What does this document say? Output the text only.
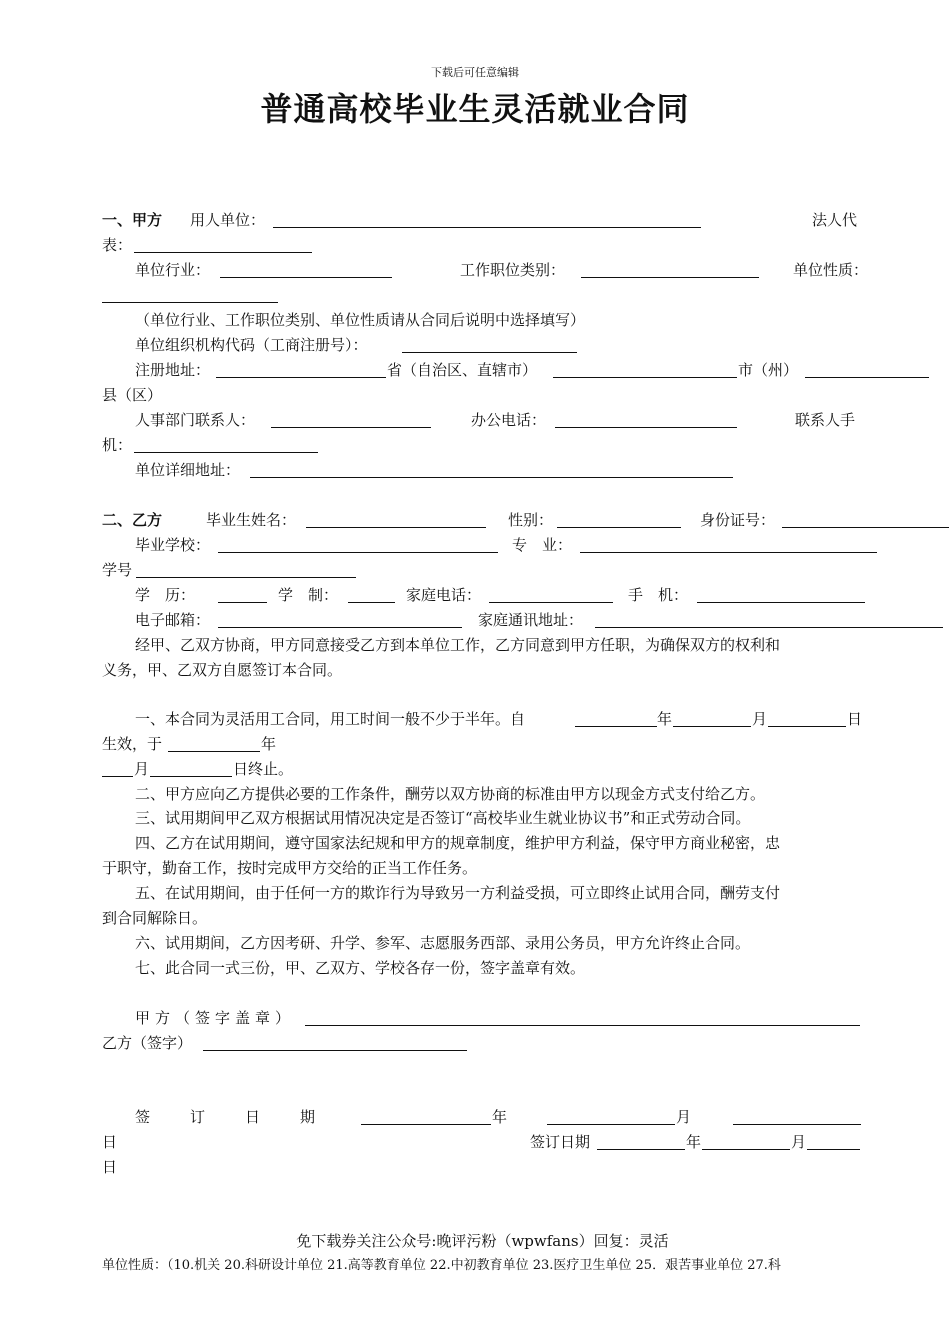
下载后可任意编辑
普通高校毕业生灵活就业合同
一、甲方 用人单位：	法人代
表：
单位行业：	工作职位类别：	单位性质：
（单位行业、工作职位类别、单位性质请从合同后说明中选择填写）
单位组织机构代码（工商注册号）：
注册地址：	省（自治区、直辖市）	市（州）
县（区）
人事部门联系人：	办公电话：	联系人手
机：
单位详细地址：
二、乙方	毕业生姓名：	性别：	身份证号：
毕业学校：	专　业：
学号
学　历：	学　制：	家庭电话：	手　机：
电子邮箱：	家庭通讯地址：
经甲、乙双方协商，甲方同意接受乙方到本单位工作，乙方同意到甲方任职，为确保双方的权利和
义务，甲、乙双方自愿签订本合同。
一、本合同为灵活用工合同，用工时间一般不少于半年。自	年	月	日
生效，于	年
月	日终止。
二、甲方应向乙方提供必要的工作条件，酬劳以双方协商的标准由甲方以现金方式支付给乙方。
三、试用期间甲乙双方根据试用情况决定是否签订“高校毕业生就业协议书”和正式劳动合同。
四、乙方在试用期间，遵守国家法纪规和甲方的规章制度，维护甲方利益，保守甲方商业秘密，忠
于职守，勤奋工作，按时完成甲方交给的正当工作任务。
五、在试用期间，由于任何一方的欺诈行为导致另一方利益受损，可立即终止试用合同，酬劳支付
到合同解除日。
六、试用期间，乙方因考研、升学、参军、志愿服务西部、录用公务员，甲方允许终止合同。
七、此合同一式三份，甲、乙双方、学校各存一份，签字盖章有效。
甲方（签字盖章）
乙方（签字）
签订日期	年	月
日	签订日期	年	月
日
免下载券关注公众号:晚评污粉（wpwfans）回复：灵活
单位性质：（10.机关 20.科研设计单位 21.高等教育单位 22.中初教育单位 23.医疗卫生单位 25．艰苦事业单位 27.科
